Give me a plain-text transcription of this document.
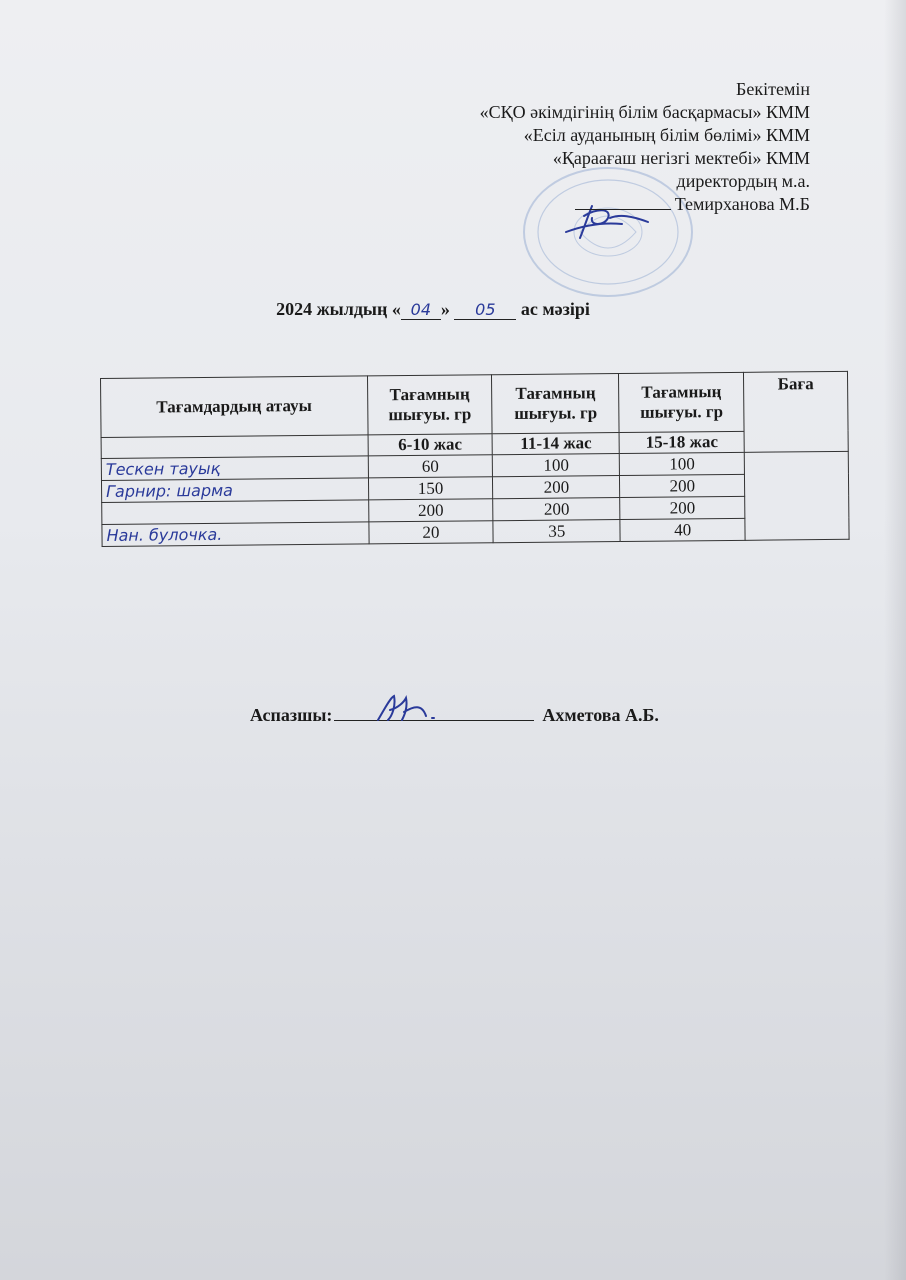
Бекітемін
«СҚО әкімдігінің білім басқармасы» КММ
«Есіл ауданының білім бөлімі» КММ
«Қараағаш негізгі мектебі» КММ
директордың м.а.
Темирханова М.Б
2024 жылдың « 04 » 05 ас мәзірі
Тағамдардың атауы	Тағамның шығуы. гр	Тағамның шығуы. гр	Тағамның шығуы. гр	Баға
	6-10 жас	11-14 жас	15-18 жас	
Тескен тауық	60	100	100	
Гарнир: шарма	150	200	200	
	200	200	200	
Нан. булочка.	20	35	40	
Аспазшы:	Ахметова А.Б.
